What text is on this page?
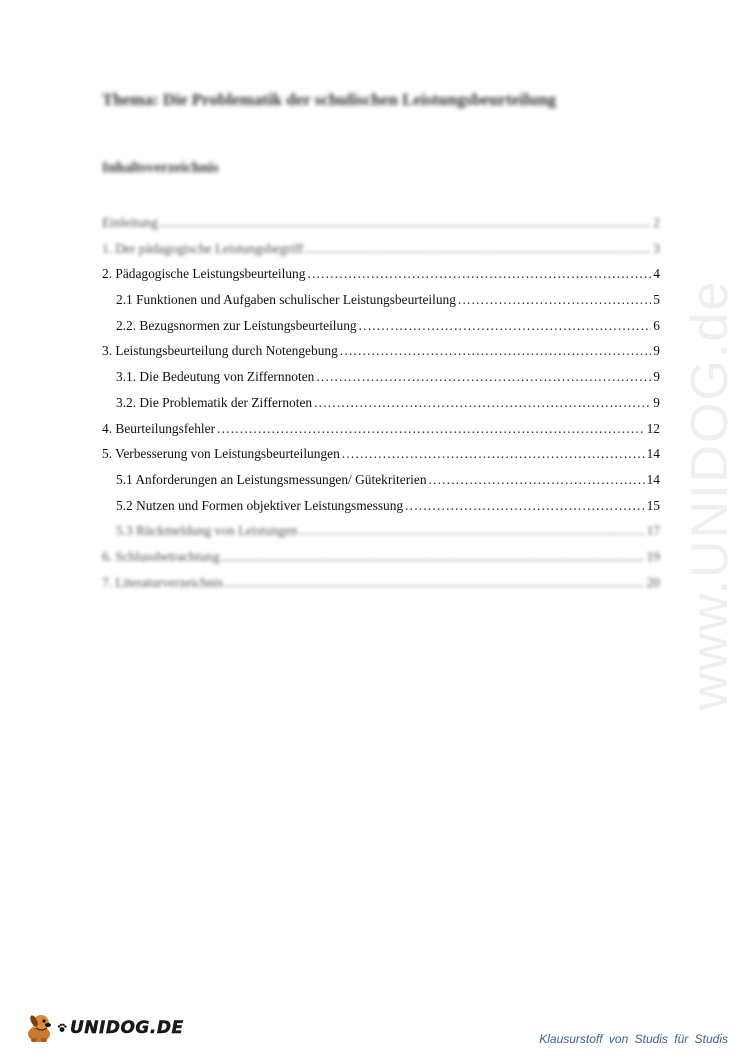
Thema: Die Problematik der schulischen Leistungsbeurteilung
Inhaltsverzeichnis
Einleitung .....	2
1. Der pädagogische Leistungsbegriff .....	3
2. Pädagogische Leistungsbeurteilung .....	4
2.1 Funktionen und Aufgaben schulischer Leistungsbeurteilung .....	5
2.2. Bezugsnormen zur Leistungsbeurteilung .....	6
3. Leistungsbeurteilung durch Notengebung .....	9
3.1. Die Bedeutung von Ziffernnoten .....	9
3.2. Die Problematik der Ziffernoten .....	9
4. Beurteilungsfehler .....	12
5. Verbesserung von Leistungsbeurteilungen .....	14
5.1 Anforderungen an Leistungsmessungen/ Gütekriterien .....	14
5.2 Nutzen und Formen objektiver Leistungsmessung .....	15
5.3 Rückmeldung von Leistungen .....	17
6. Schlussbetrachtung .....	19
7. Literaturverzeichnis .....	20 www.UNIDOG.de
UNIDOG.DE
Klausurstoff von Studis für Studis
